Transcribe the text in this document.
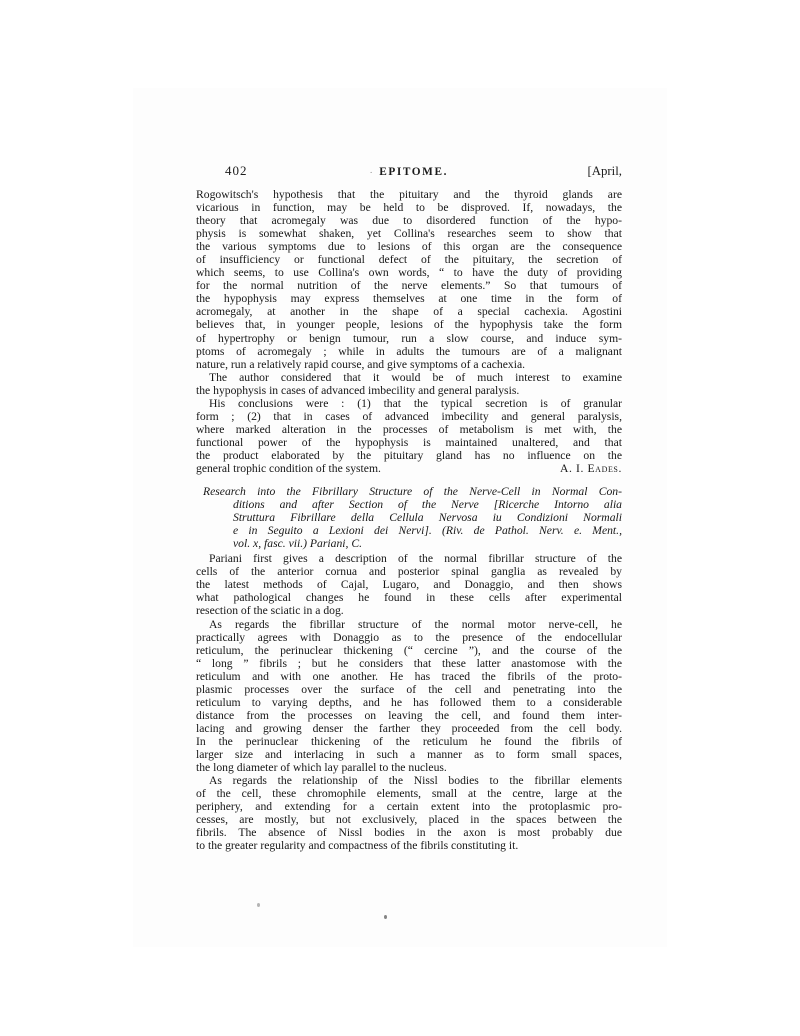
402	. EPITOME.	[April,
Rogowitsch's hypothesis that the pituitary and the thyroid glands are
vicarious in function, may be held to be disproved. If, nowadays, the
theory that acromegaly was due to disordered function of the hypo-
physis is somewhat shaken, yet Collina's researches seem to show that
the various symptoms due to lesions of this organ are the consequence
of insufficiency or functional defect of the pituitary, the secretion of
which seems, to use Collina's own words, “ to have the duty of providing
for the normal nutrition of the nerve elements.” So that tumours of
the hypophysis may express themselves at one time in the form of
acromegaly, at another in the shape of a special cachexia. Agostini
believes that, in younger people, lesions of the hypophysis take the form
of hypertrophy or benign tumour, run a slow course, and induce sym-
ptoms of acromegaly ; while in adults the tumours are of a malignant
nature, run a relatively rapid course, and give symptoms of a cachexia.
The author considered that it would be of much interest to examine
the hypophysis in cases of advanced imbecility and general paralysis.
His conclusions were : (1) that the typical secretion is of granular
form ; (2) that in cases of advanced imbecility and general paralysis,
where marked alteration in the processes of metabolism is met with, the
functional power of the hypophysis is maintained unaltered, and that
the product elaborated by the pituitary gland has no influence on the
general trophic condition of the system.	A. I. Eades.
Research into the Fibrillary Structure of the Nerve-Cell in Normal Con-
ditions and after Section of the Nerve [Ricerche Intorno alia
Struttura Fibrillare della Cellula Nervosa iu Condizioni Normali
e in Seguito a Lexioni dei Nervi]. (Riv. de Pathol. Nerv. e. Ment.,
vol. x, fasc. vii.) Pariani, C.
Pariani first gives a description of the normal fibrillar structure of the
cells of the anterior cornua and posterior spinal ganglia as revealed by
the latest methods of Cajal, Lugaro, and Donaggio, and then shows
what pathological changes he found in these cells after experimental
resection of the sciatic in a dog.
As regards the fibrillar structure of the normal motor nerve-cell, he
practically agrees with Donaggio as to the presence of the endocellular
reticulum, the perinuclear thickening (“ cercine ”), and the course of the
“ long ” fibrils ; but he considers that these latter anastomose with the
reticulum and with one another. He has traced the fibrils of the proto-
plasmic processes over the surface of the cell and penetrating into the
reticulum to varying depths, and he has followed them to a considerable
distance from the processes on leaving the cell, and found them inter-
lacing and growing denser the farther they proceeded from the cell body.
In the perinuclear thickening of the reticulum he found the fibrils of
larger size and interlacing in such a manner as to form small spaces,
the long diameter of which lay parallel to the nucleus.
As regards the relationship of the Nissl bodies to the fibrillar elements
of the cell, these chromophile elements, small at the centre, large at the
periphery, and extending for a certain extent into the protoplasmic pro-
cesses, are mostly, but not exclusively, placed in the spaces between the
fibrils. The absence of Nissl bodies in the axon is most probably due
to the greater regularity and compactness of the fibrils constituting it.
